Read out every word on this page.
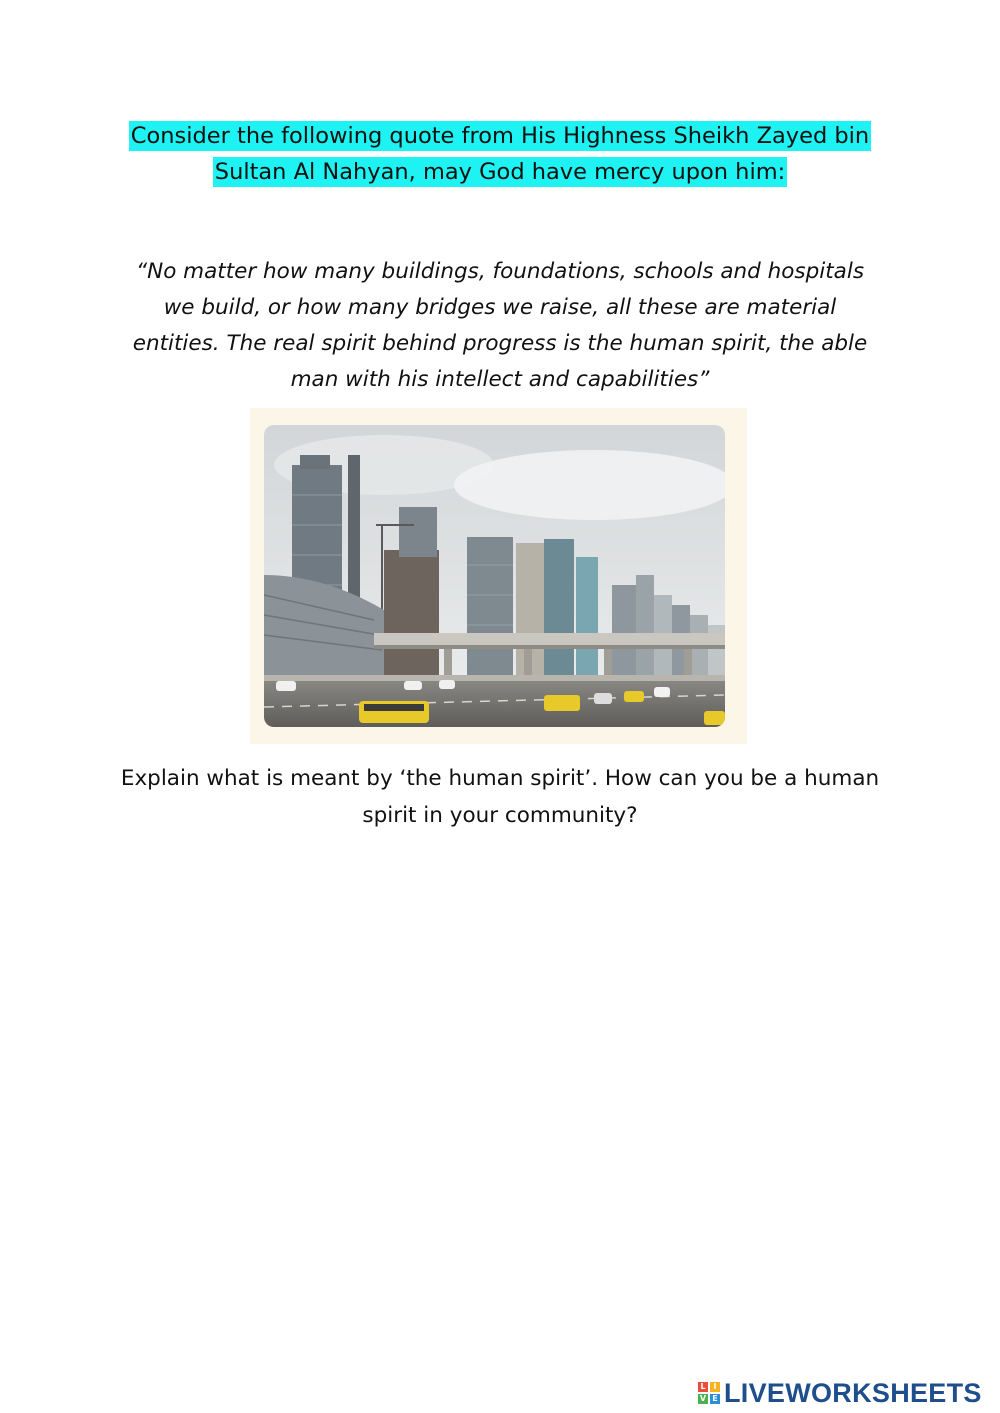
Consider the following quote from His Highness Sheikh Zayed bin
Sultan Al Nahyan, may God have mercy upon him:
“No matter how many buildings, foundations, schools and hospitals
we build, or how many bridges we raise, all these are material
entities. The real spirit behind progress is the human spirit, the able
man with his intellect and capabilities”
Explain what is meant by ‘the human spirit’. How can you be a human
spirit in your community?
L I
V E LIVEWORKSHEETS
